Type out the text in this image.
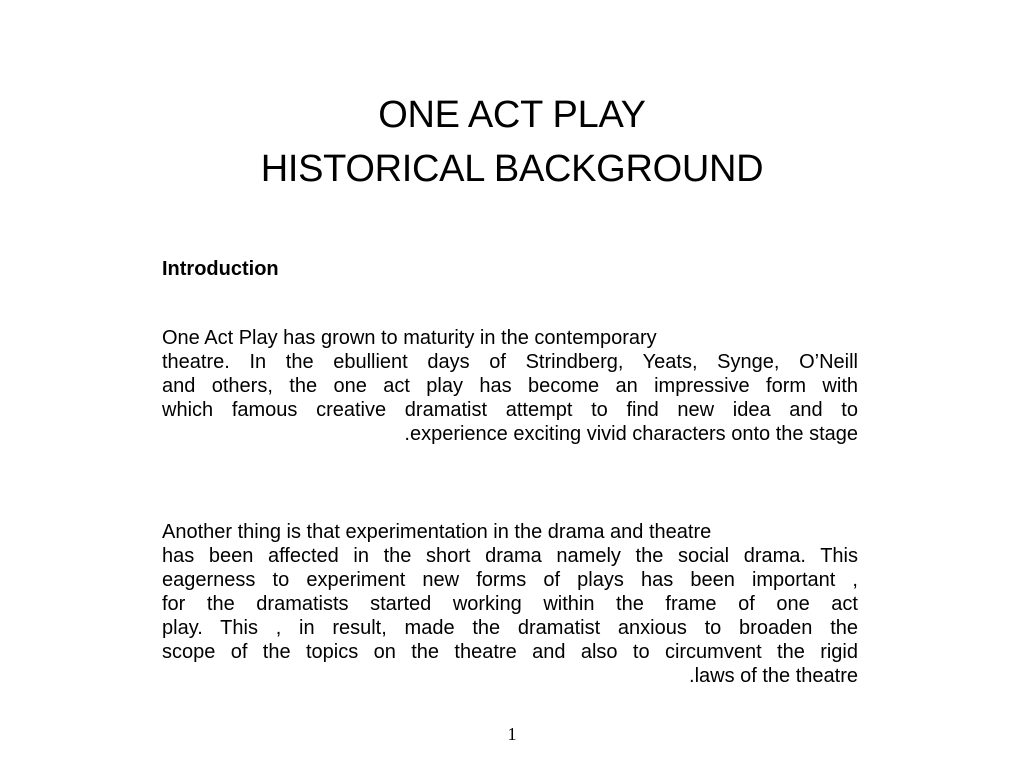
ONE ACT PLAY
HISTORICAL BACKGROUND
Introduction
One Act Play has grown to maturity in the contemporary
theatre. In the ebullient days of Strindberg, Yeats, Synge, O’Neill
and others, the one act play has become an impressive form with
which famous creative dramatist attempt to find new idea and to
.experience exciting vivid characters onto the stage
Another thing is that experimentation in the drama and theatre
has been affected in the short drama namely the social drama. This
eagerness to experiment new forms of plays has been important ,
for the dramatists started working within the frame of one act
play. This , in result, made the dramatist anxious to broaden the
scope of the topics on the theatre and also to circumvent the rigid
.laws of the theatre
1
